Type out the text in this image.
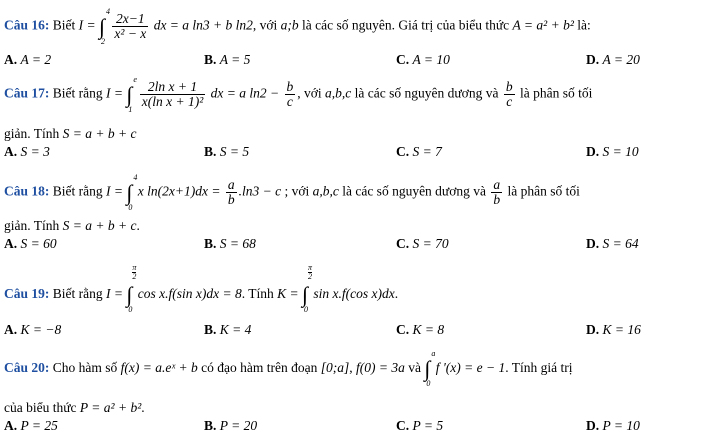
Câu 16: Biết I = ∫
4
2
$\frac{2x-1}{\text{x² − x}}$ dx = a ln3 + b ln2, với a;b là các số nguyên. Giá trị của biểu thức A = a² + b² là:
A. A = 2	B. A = 5	C. A = 10	D. A = 20
Câu 17: Biết rằng I = ∫
e
1
$\frac{\text{2ln x + 1}}{\text{x(ln x + 1)²}}$ dx = a $\ln 2 - \frac{b}{c}$ , với a,b,c là các số nguyên dương và $\frac{b}{c}$ là phân số tối
giản. Tính S = a + b + c
A. S = 3	B. S = 5	C. S = 7	D. S = 10
Câu 18: Biết rằng I = ∫
4
0
x $\ln(2x+1)dx = \frac{a}{b} .\ln 3 - c$ ; với a,b,c là các số nguyên dương và $\frac{a}{b}$ là phân số tối
giản. Tính S = a + b + c.
A. S = 60	B. S = 68	C. S = 70	D. S = 64
Câu 19: Biết rằng I = ∫
$\frac{\pi}{2}$
0
cos x.f(sin x)dx = 8. Tính K = ∫
$\frac{\pi}{2}$
0
sin x.f(cos x)dx.
A. K = −8	B. K = 4	C. K = 8	D. K = 16
Câu 20: Cho hàm số f(x) = a.eˣ + b có đạo hàm trên đoạn [0;a], f(0) = 3a và ∫
a
0
f '(x) = e − 1. Tính giá trị
của biểu thức P = a² + b².
A. P = 25	B. P = 20	C. P = 5	D. P = 10
